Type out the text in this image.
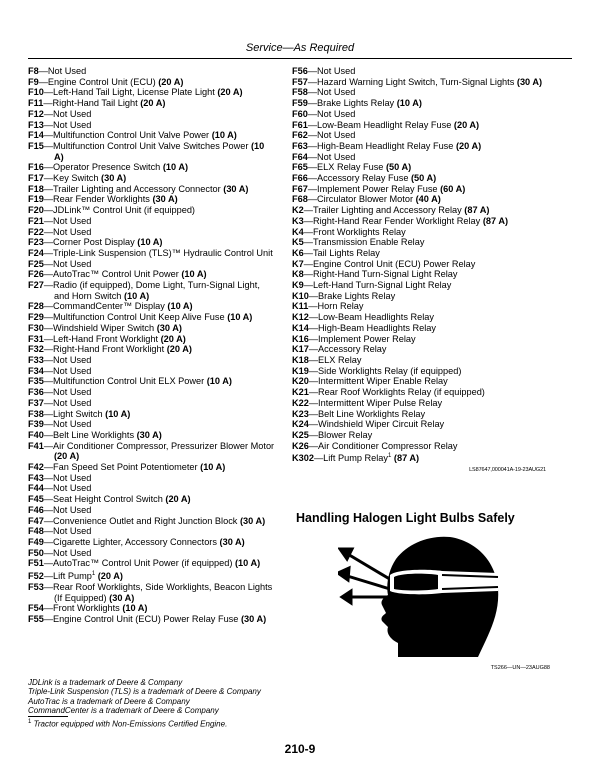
Service—As Required
F8—Not Used
F9—Engine Control Unit (ECU) (20 A)
F10—Left-Hand Tail Light, License Plate Light (20 A)
F11—Right-Hand Tail Light (20 A)
F12—Not Used
F13—Not Used
F14—Multifunction Control Unit Valve Power (10 A)
F15—Multifunction Control Unit Valve Switches Power (10 A)
F16—Operator Presence Switch (10 A)
F17—Key Switch (30 A)
F18—Trailer Lighting and Accessory Connector (30 A)
F19—Rear Fender Worklights (30 A)
F20—JDLink™ Control Unit (if equipped)
F21—Not Used
F22—Not Used
F23—Corner Post Display (10 A)
F24—Triple-Link Suspension (TLS)™ Hydraulic Control Unit
F25—Not Used
F26—AutoTrac™ Control Unit Power (10 A)
F27—Radio (if equipped), Dome Light, Turn-Signal Light, and Horn Switch (10 A)
F28—CommandCenter™ Display (10 A)
F29—Multifunction Control Unit Keep Alive Fuse (10 A)
F30—Windshield Wiper Switch (30 A)
F31—Left-Hand Front Worklight (20 A)
F32—Right-Hand Front Worklight (20 A)
F33—Not Used
F34—Not Used
F35—Multifunction Control Unit ELX Power (10 A)
F36—Not Used
F37—Not Used
F38—Light Switch (10 A)
F39—Not Used
F40—Belt Line Worklights (30 A)
F41—Air Conditioner Compressor, Pressurizer Blower Motor (20 A)
F42—Fan Speed Set Point Potentiometer (10 A)
F43—Not Used
F44—Not Used
F45—Seat Height Control Switch (20 A)
F46—Not Used
F47—Convenience Outlet and Right Junction Block (30 A)
F48—Not Used
F49—Cigarette Lighter, Accessory Connectors (30 A)
F50—Not Used
F51—AutoTrac™ Control Unit Power (if equipped) (10 A)
F52—Lift Pump$^1$ (20 A)
F53—Rear Roof Worklights, Side Worklights, Beacon Lights (If Equipped) (30 A)
F54—Front Worklights (10 A)
F55—Engine Control Unit (ECU) Power Relay Fuse (30 A)
F56—Not Used
F57—Hazard Warning Light Switch, Turn-Signal Lights (30 A)
F58—Not Used
F59—Brake Lights Relay (10 A)
F60—Not Used
F61—Low-Beam Headlight Relay Fuse (20 A)
F62—Not Used
F63—High-Beam Headlight Relay Fuse (20 A)
F64—Not Used
F65—ELX Relay Fuse (50 A)
F66—Accessory Relay Fuse (50 A)
F67—Implement Power Relay Fuse (60 A)
F68—Circulator Blower Motor (40 A)
K2—Trailer Lighting and Accessory Relay (87 A)
K3—Right-Hand Rear Fender Worklight Relay (87 A)
K4—Front Worklights Relay
K5—Transmission Enable Relay
K6—Tail Lights Relay
K7—Engine Control Unit (ECU) Power Relay
K8—Right-Hand Turn-Signal Light Relay
K9—Left-Hand Turn-Signal Light Relay
K10—Brake Lights Relay
K11—Horn Relay
K12—Low-Beam Headlights Relay
K14—High-Beam Headlights Relay
K16—Implement Power Relay
K17—Accessory Relay
K18—ELX Relay
K19—Side Worklights Relay (if equipped)
K20—Intermittent Wiper Enable Relay
K21—Rear Roof Worklights Relay (if equipped)
K22—Intermittent Wiper Pulse Relay
K23—Belt Line Worklights Relay
K24—Windshield Wiper Circuit Relay
K25—Blower Relay
K26—Air Conditioner Compressor Relay
K302—Lift Pump Relay$^1$ (87 A)
LS87647,000041A-19-23AUG21
Handling Halogen Light Bulbs Safely
TS266—UN—23AUG88
JDLink is a trademark of Deere & Company
Triple-Link Suspension (TLS) is a trademark of Deere & Company
AutoTrac is a trademark of Deere & Company
CommandCenter is a trademark of Deere & Company
$^1$ Tractor equipped with Non-Emissions Certified Engine.
210-9
